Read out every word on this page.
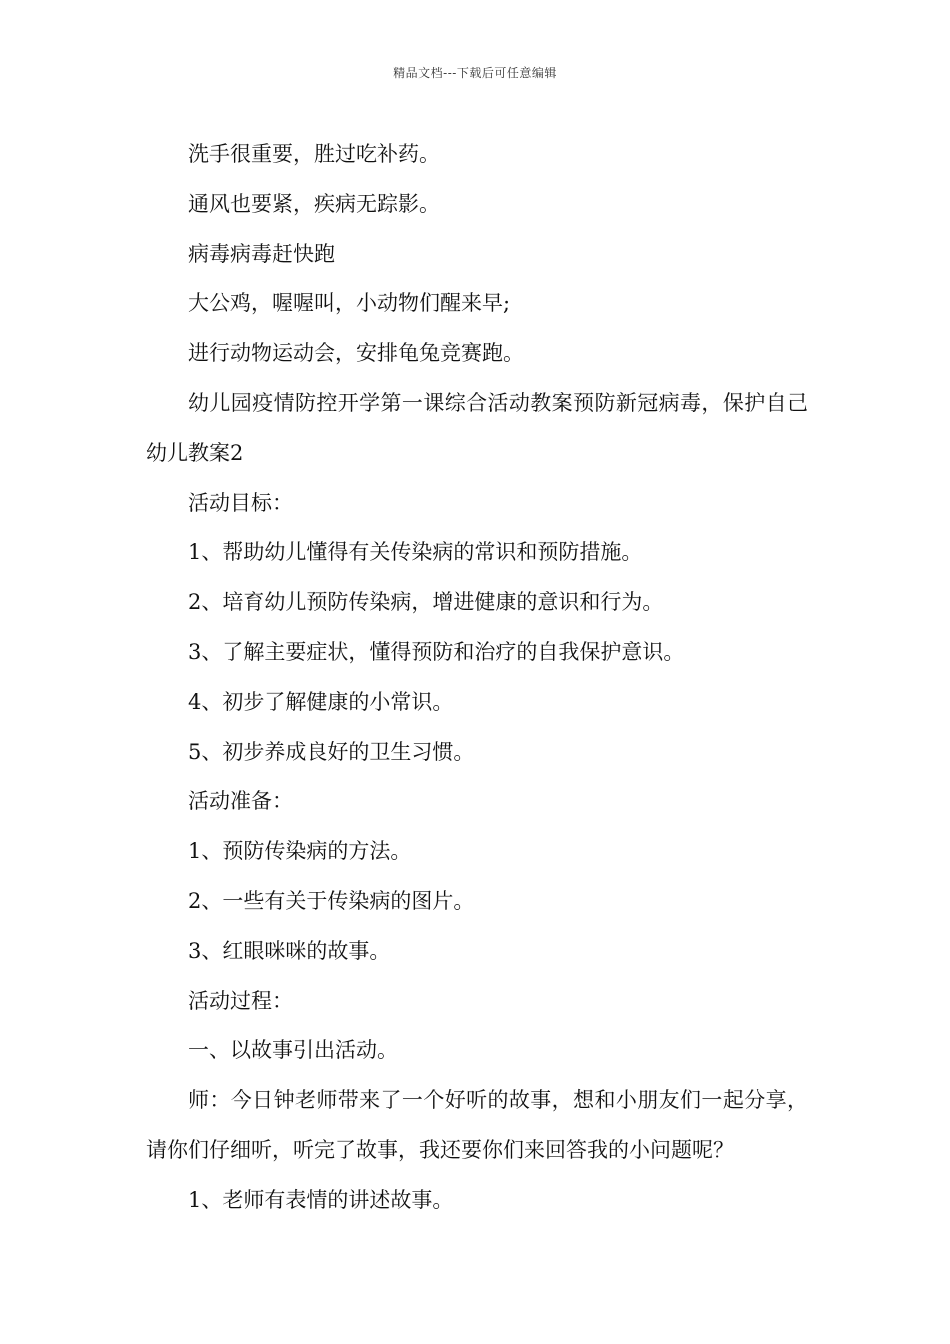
精品文档---下载后可任意编辑

洗手很重要，胜过吃补药。

通风也要紧，疾病无踪影。

病毒病毒赶快跑

大公鸡，喔喔叫，小动物们醒来早;

进行动物运动会，安排龟兔竞赛跑。

幼儿园疫情防控开学第一课综合活动教案预防新冠病毒，保护自己幼儿教案2

活动目标：

1、帮助幼儿懂得有关传染病的常识和预防措施。

2、培育幼儿预防传染病，增进健康的意识和行为。

3、了解主要症状，懂得预防和治疗的自我保护意识。

4、初步了解健康的小常识。

5、初步养成良好的卫生习惯。

活动准备：

1、预防传染病的方法。

2、一些有关于传染病的图片。

3、红眼咪咪的故事。

活动过程：

一、以故事引出活动。

师：今日钟老师带来了一个好听的故事，想和小朋友们一起分享，请你们仔细听，听完了故事，我还要你们来回答我的小问题呢？

1、老师有表情的讲述故事。
